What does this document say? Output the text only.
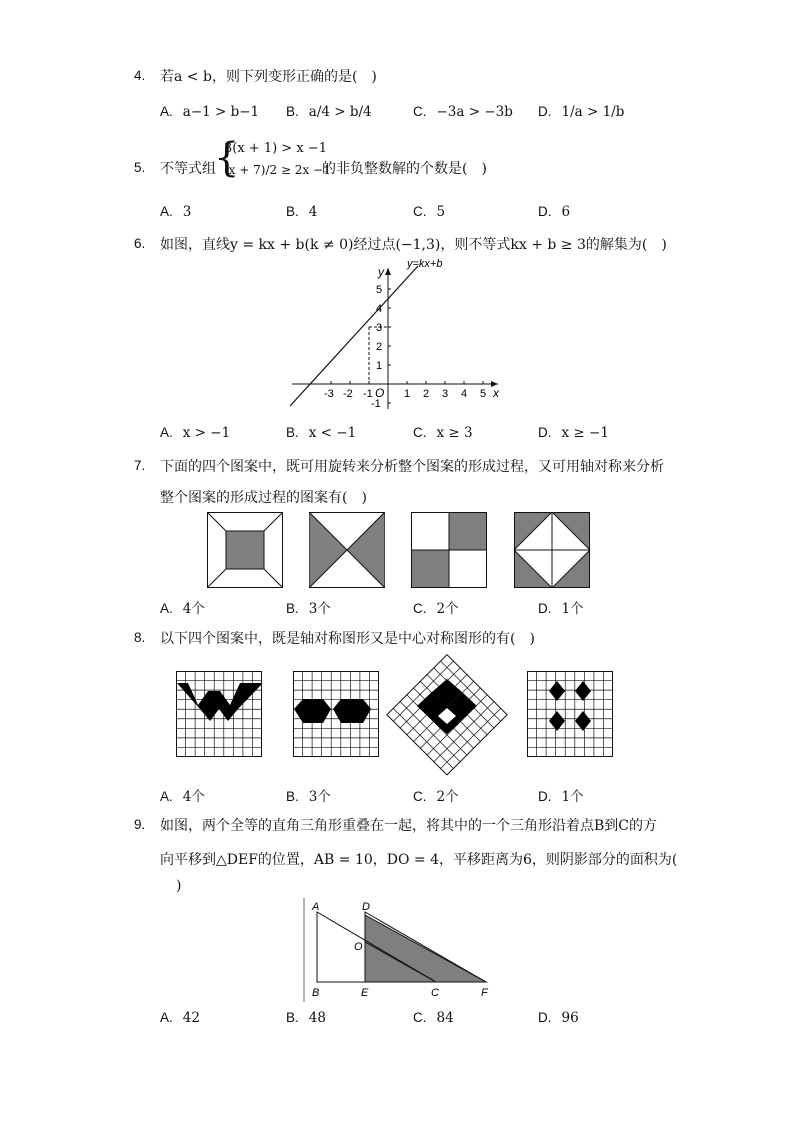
4. 若a < b，则下列变形正确的是(　)
A. a−1 > b−1 B. a/4 > b/4	C. −3a > −3b D. 1/a > 1/b
5. 不等式组
{
3(x + 1) > x −1
(x + 7)/2 ≥ 2x −1
的非负整数解的个数是(　)
A. 3	B. 4	C. 5	D. 6
6. 如图，直线y = kx + b(k ≠ 0)经过点(−1,3)，则不等式kx + b ≥ 3的解集为(　)
-3 -2 -1 O 1 2 3 4 5 x
5
4
3
2
1
-1
y
y=kx+b
A. x > −1	B. x < −1	C. x ≥ 3	D. x ≥ −1
7. 下面的四个图案中，既可用旋转来分析整个图案的形成过程，又可用轴对称来分析
整个图案的形成过程的图案有(　)
A. 4个	B. 3个	C. 2个	D. 1个
8. 以下四个图案中，既是轴对称图形又是中心对称图形的有(　)
A. 4个	B. 3个	C. 2个	D. 1个
9. 如图，两个全等的直角三角形重叠在一起，将其中的一个三角形沿着点B到C的方
向平移到△DEF的位置，AB = 10，DO = 4，平移距离为6，则阴影部分的面积为(
)
A	D
O
B	E	C	F
A. 42	B. 48	C. 84	D. 96
